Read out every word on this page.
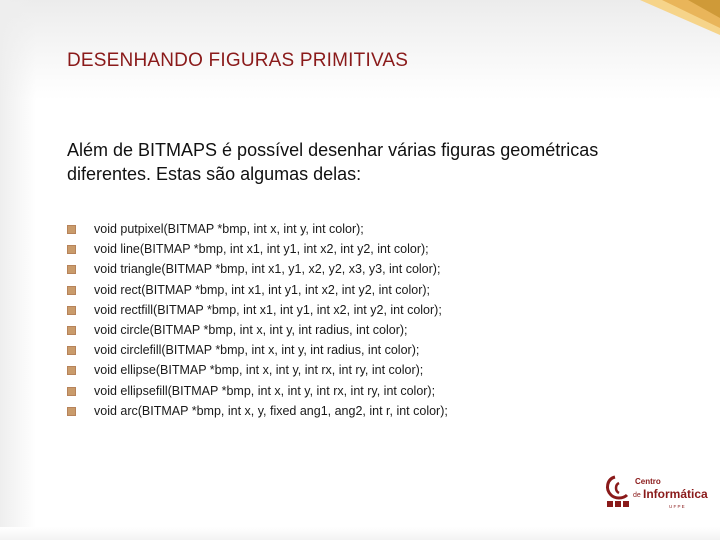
DESENHANDO FIGURAS PRIMITIVAS
Além de BITMAPS é possível desenhar várias figuras geométricas diferentes. Estas são algumas delas:
void putpixel(BITMAP *bmp, int x, int y, int color);
void line(BITMAP *bmp, int x1, int y1, int x2, int y2, int color);
void triangle(BITMAP *bmp, int x1, y1, x2, y2, x3, y3, int color);
void rect(BITMAP *bmp, int x1, int y1, int x2, int y2, int color);
void rectfill(BITMAP *bmp, int x1, int y1, int x2, int y2, int color);
void circle(BITMAP *bmp, int x, int y, int radius, int color);
void circlefill(BITMAP *bmp, int x, int y, int radius, int color);
void ellipse(BITMAP *bmp, int x, int y, int rx, int ry, int color);
void ellipsefill(BITMAP *bmp, int x, int y, int rx, int ry, int color);
void arc(BITMAP *bmp, int x, y, fixed ang1, ang2, int r, int color);
Centro
de Informática
U F P E
